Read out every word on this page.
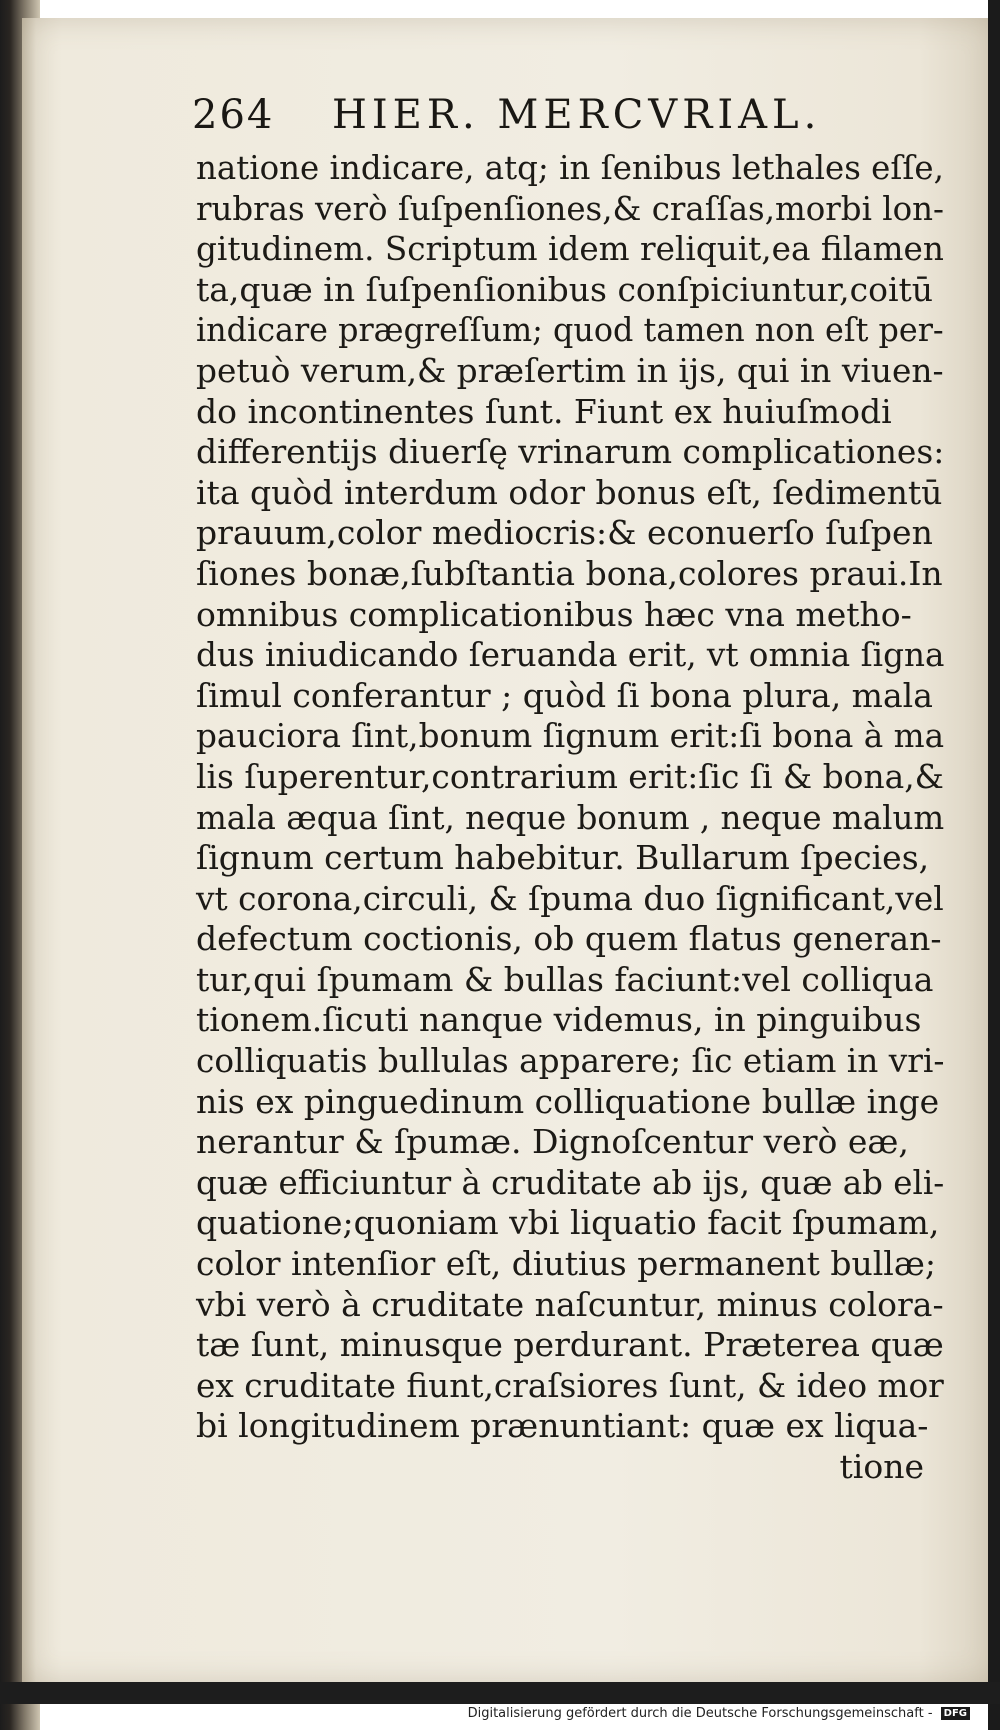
264 HIER. MERCVRIAL.
natione indicare, atq; in ſenibus lethales eſſe,
rubras verò ſuſpenſiones,& craſſas,morbi lon-
gitudinem. Scriptum idem reliquit,ea filamen
ta,quæ in ſuſpenſionibus conſpiciuntur,coitū
indicare prægreſſum; quod tamen non eſt per-
petuò verum,& præſertim in ijs, qui in viuen-
do incontinentes ſunt. Fiunt ex huiuſmodi
differentijs diuerſę vrinarum complicationes:
ita quòd interdum odor bonus eſt, ſedimentū
prauum,color mediocris:& econuerſo ſuſpen
ſiones bonæ,ſubſtantia bona,colores praui.In
omnibus complicationibus hæc vna metho-
dus iniudicando ſeruanda erit, vt omnia ſigna
ſimul conferantur ; quòd ſi bona plura, mala
pauciora ſint,bonum ſignum erit:ſi bona à ma
lis ſuperentur,contrarium erit:ſic ſi & bona,&
mala æqua ſint, neque bonum , neque malum
ſignum certum habebitur. Bullarum ſpecies,
vt corona,circuli, & ſpuma duo ſignificant,vel
defectum coctionis, ob quem flatus generan-
tur,qui ſpumam & bullas faciunt:vel colliqua
tionem.ſicuti nanque videmus, in pinguibus
colliquatis bullulas apparere; ſic etiam in vri-
nis ex pinguedinum colliquatione bullæ inge
nerantur & ſpumæ. Dignoſcentur verò eæ,
quæ efficiuntur à cruditate ab ijs, quæ ab eli-
quatione;quoniam vbi liquatio facit ſpumam,
color intenſior eſt, diutius permanent bullæ;
vbi verò à cruditate naſcuntur, minus colora-
tæ ſunt, minusque perdurant. Præterea quæ
ex cruditate fiunt,craſsiores ſunt, & ideo mor
bi longitudinem prænuntiant: quæ ex liqua-
tione
Digitalisierung gefördert durch die Deutsche Forschungsgemeinschaft - DFG
